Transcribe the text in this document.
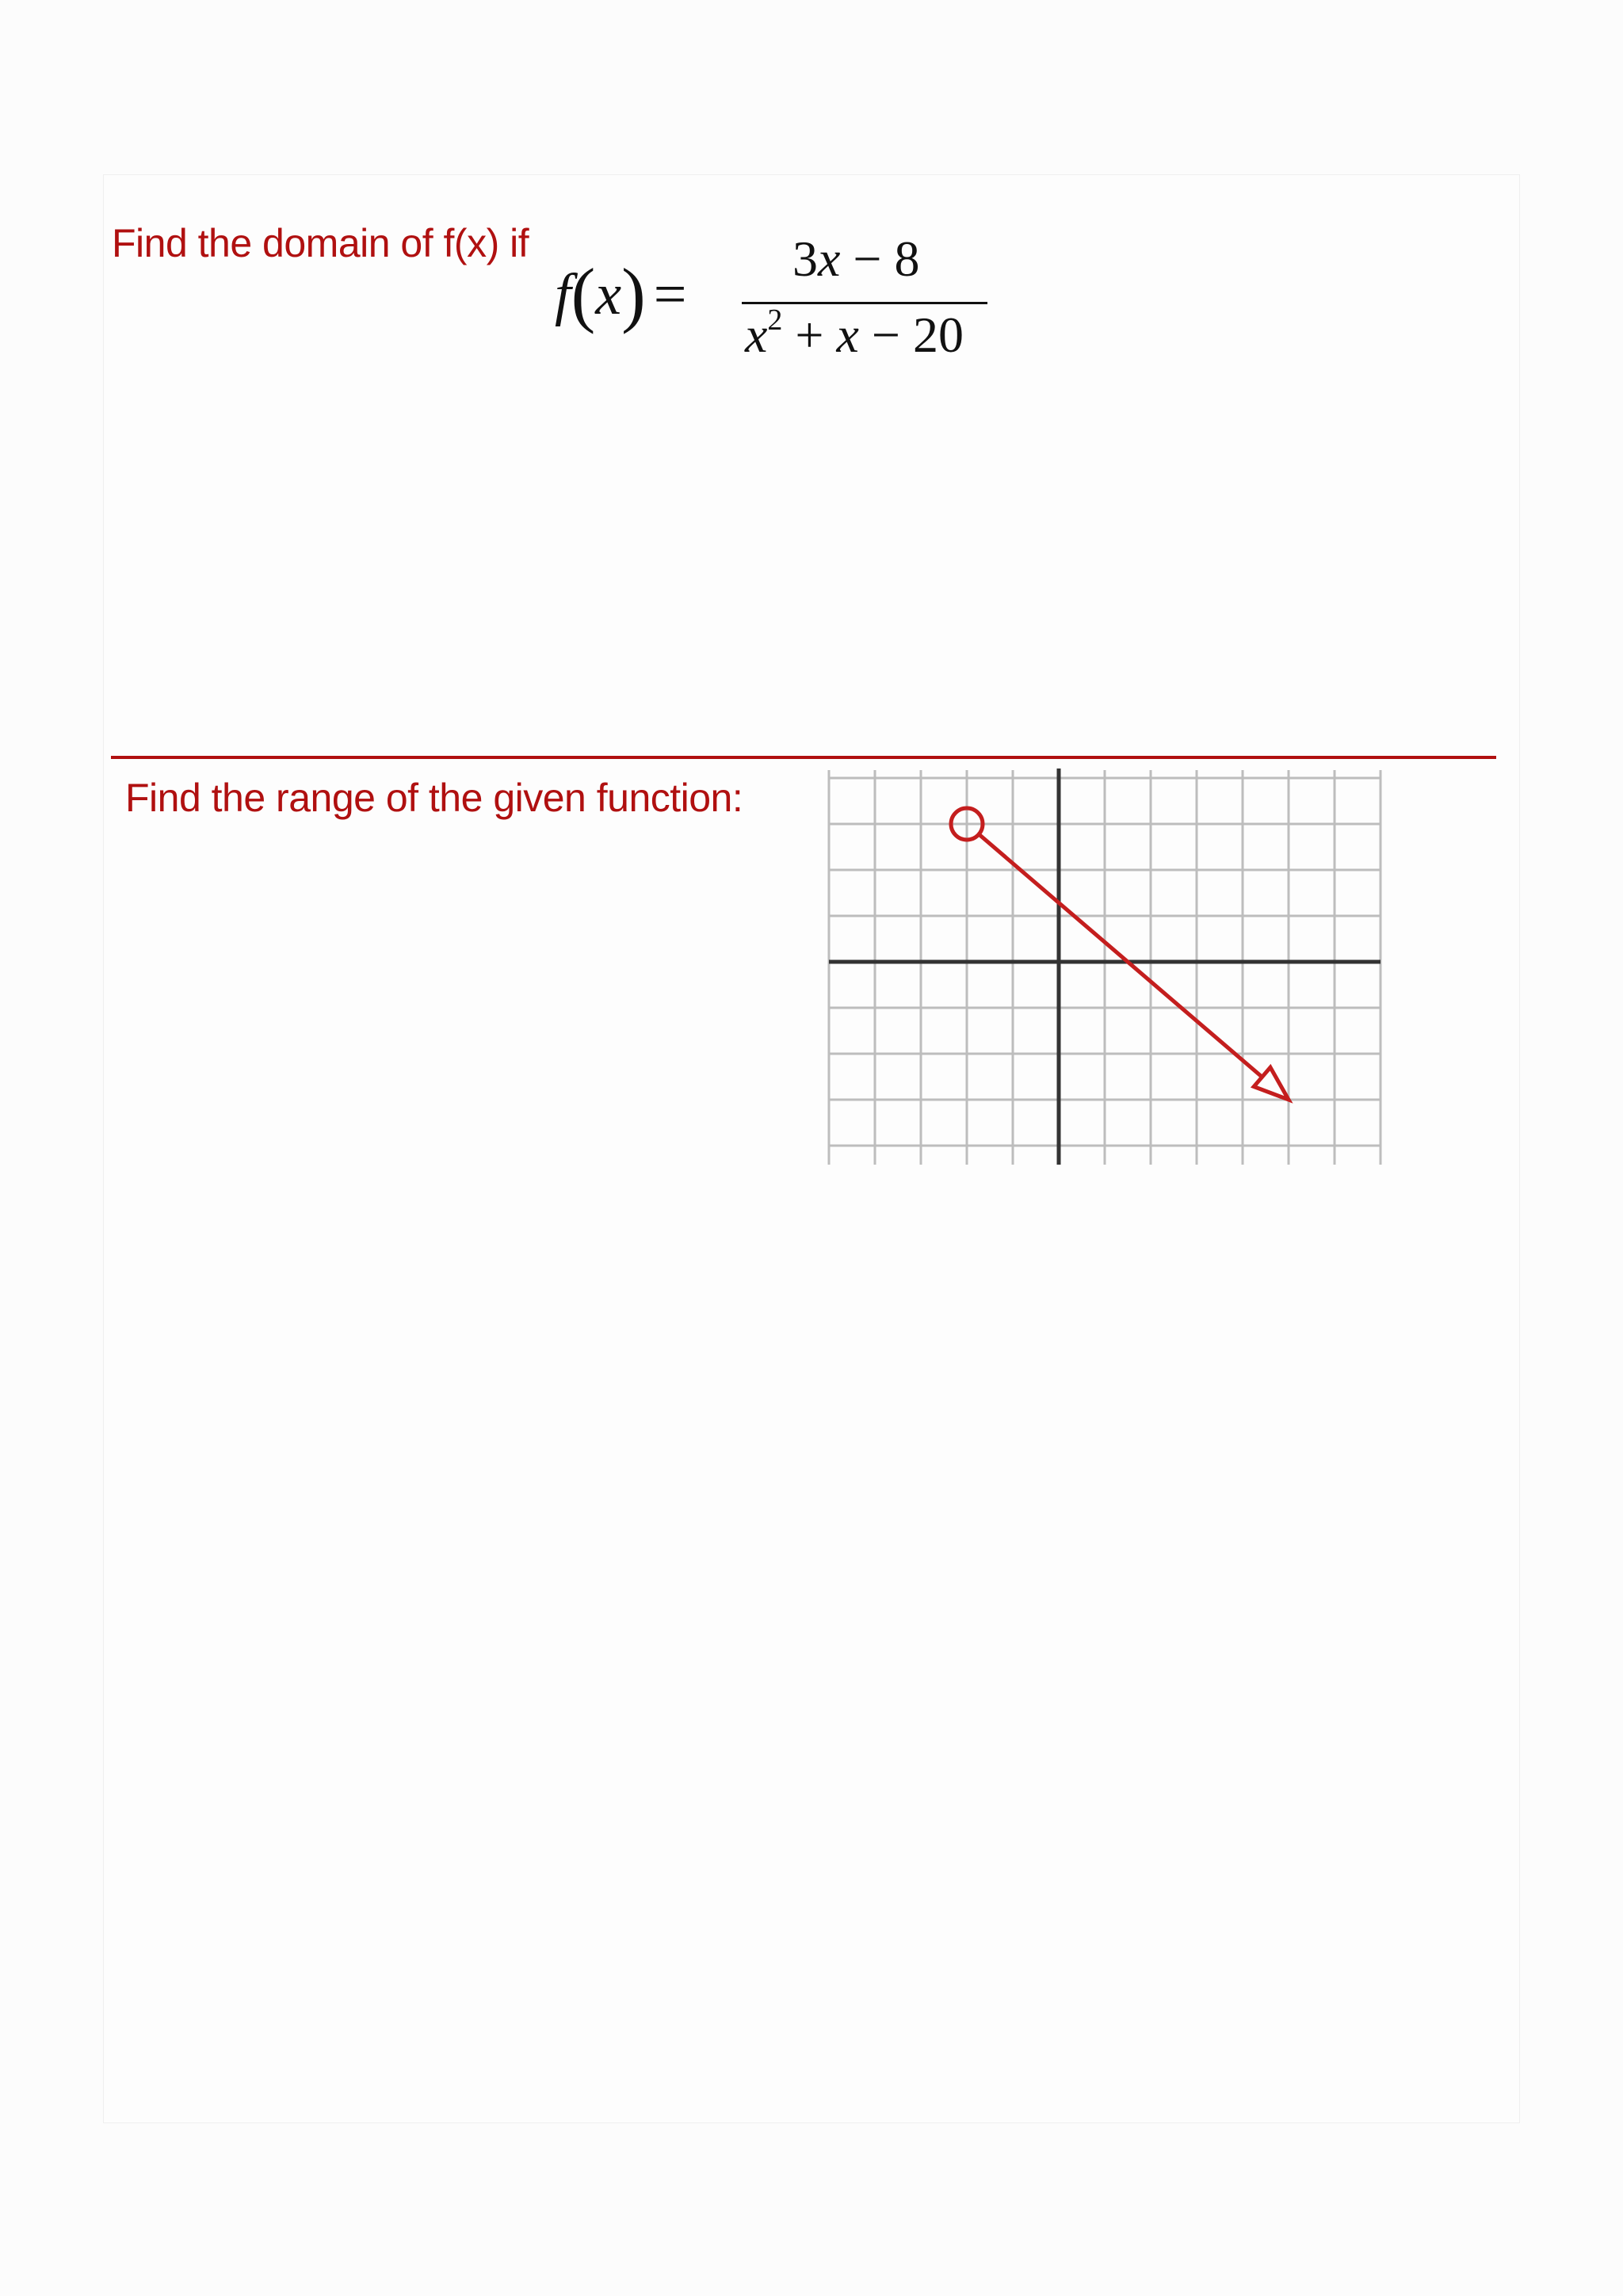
Find the domain of f(x) if
f(x) =
3x − 8
$x^2 + x - 20$
Find the range of the given function:
